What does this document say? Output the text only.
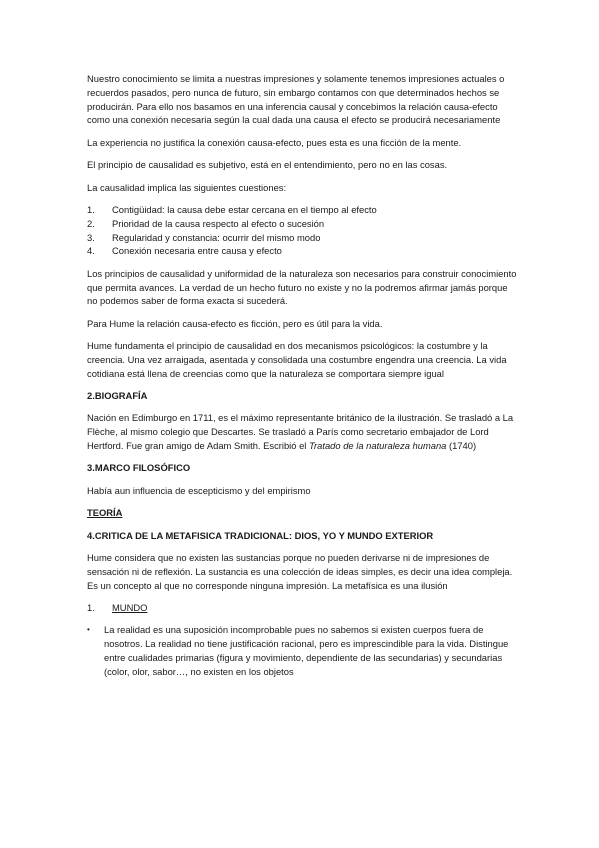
Nuestro conocimiento se limita a nuestras impresiones y solamente tenemos impresiones actuales o recuerdos pasados, pero nunca de futuro, sin embargo contamos con que determinados hechos se producirán. Para ello nos basamos en una inferencia causal y concebimos la relación causa-efecto como una conexión necesaria según la cual dada una causa el efecto se producirá necesariamente

La experiencia no justifica la conexión causa-efecto, pues esta es una ficción de la mente.

El principio de causalidad es subjetivo, está en el entendimiento, pero no en las cosas.

La causalidad implica las siguientes cuestiones:

1.	Contigüidad: la causa debe estar cercana en el tiempo al efecto
2.	Prioridad de la causa respecto al efecto o sucesión
3.	Regularidad y constancia: ocurrir del mismo modo
4.	Conexión necesaria entre causa y efecto

Los principios de causalidad y uniformidad de la naturaleza son necesarios para construir conocimiento que permita avances. La verdad de un hecho futuro no existe y no la podremos afirmar jamás porque no podemos saber de forma exacta si sucederá.

Para Hume la relación causa-efecto es ficción, pero es útil para la vida.

Hume fundamenta el principio de causalidad en dos mecanismos psicológicos: la costumbre y la creencia. Una vez arraigada, asentada y consolidada una costumbre engendra una creencia. La vida cotidiana está llena de creencias como que la naturaleza se comportara siempre igual

2.BIOGRAFÍA

Nación en Edimburgo en 1711, es el máximo representante británico de la ilustración. Se trasladó a La Flèche, al mismo colegio que Descartes. Se trasladó a París como secretario embajador de Lord Hertford. Fue gran amigo de Adam Smith. Escribió el Tratado de la naturaleza humana (1740)

3.MARCO FILOSÓFICO

Había aun influencia de escepticismo y del empirismo

TEORÍA

4.CRITICA DE LA METAFISICA TRADICIONAL: DIOS, YO Y MUNDO EXTERIOR

Hume considera que no existen las sustancias porque no pueden derivarse ni de impresiones de sensación ni de reflexión. La sustancia es una colección de ideas simples, es decir una idea compleja. Es un concepto al que no corresponde ninguna impresión. La metafísica es una ilusión

1.	MUNDO
•	La realidad es una suposición incomprobable pues no sabemos si existen cuerpos fuera de nosotros. La realidad no tiene justificación racional, pero es imprescindible para la vida. Distingue entre cualidades primarias (figura y movimiento, dependiente de las secundarias) y secundarias (color, olor, sabor…, no existen en los objetos
